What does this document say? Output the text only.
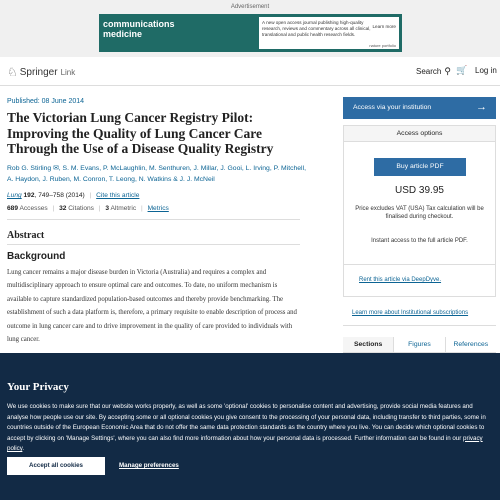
Advertisement
communications
medicine
A new open access journal publishing high-quality research, reviews and commentary across all clinical, translational and public health research fields.
Learn more
nature portfolio
♘ Springer Link	Search ⚲ 🛒 Log in
Published: 08 June 2014
The Victorian Lung Cancer Registry Pilot: Improving the Quality of Lung Cancer Care Through the Use of a Disease Quality Registry
Rob G. Stirling ✉, S. M. Evans, P. McLaughlin, M. Senthuren, J. Millar, J. Gooi, L. Irving, P. Mitchell, A. Haydon, J. Ruben, M. Conron, T. Leong, N. Watkins & J. J. McNeil
Lung 192, 749–758 (2014) | Cite this article
689 Accesses | 32 Citations | 3 Altmetric | Metrics
Abstract
Background

Lung cancer remains a major disease burden in Victoria (Australia) and requires a complex and multidisciplinary approach to ensure optimal care and outcomes. To date, no uniform mechanism is available to capture standardized population-based outcomes and thereby provide benchmarking. The establishment of such a data platform is, therefore, a primary requisite to enable description of process and outcome in lung cancer care and to drive improvement in the quality of care provided to individuals with lung cancer.

Access via your institution	→
Access options
Buy article PDF
USD 39.95
Price excludes VAT (USA) Tax calculation will be finalised during checkout.
Instant access to the full article PDF.
Rent this article via DeepDyve.
Learn more about Institutional subscriptions
Sections	Figures	References
Your Privacy

We use cookies to make sure that our website works properly, as well as some 'optional' cookies to personalise content and advertising, provide social media features and analyse how people use our site. By accepting some or all optional cookies you give consent to the processing of your personal data, including transfer to third parties, some in countries outside of the European Economic Area that do not offer the same data protection standards as the country where you live. You can decide which optional cookies to accept by clicking on 'Manage Settings', where you can also find more information about how your personal data is processed. Further information can be found in our privacy policy.

Accept all cookies	Manage preferences
